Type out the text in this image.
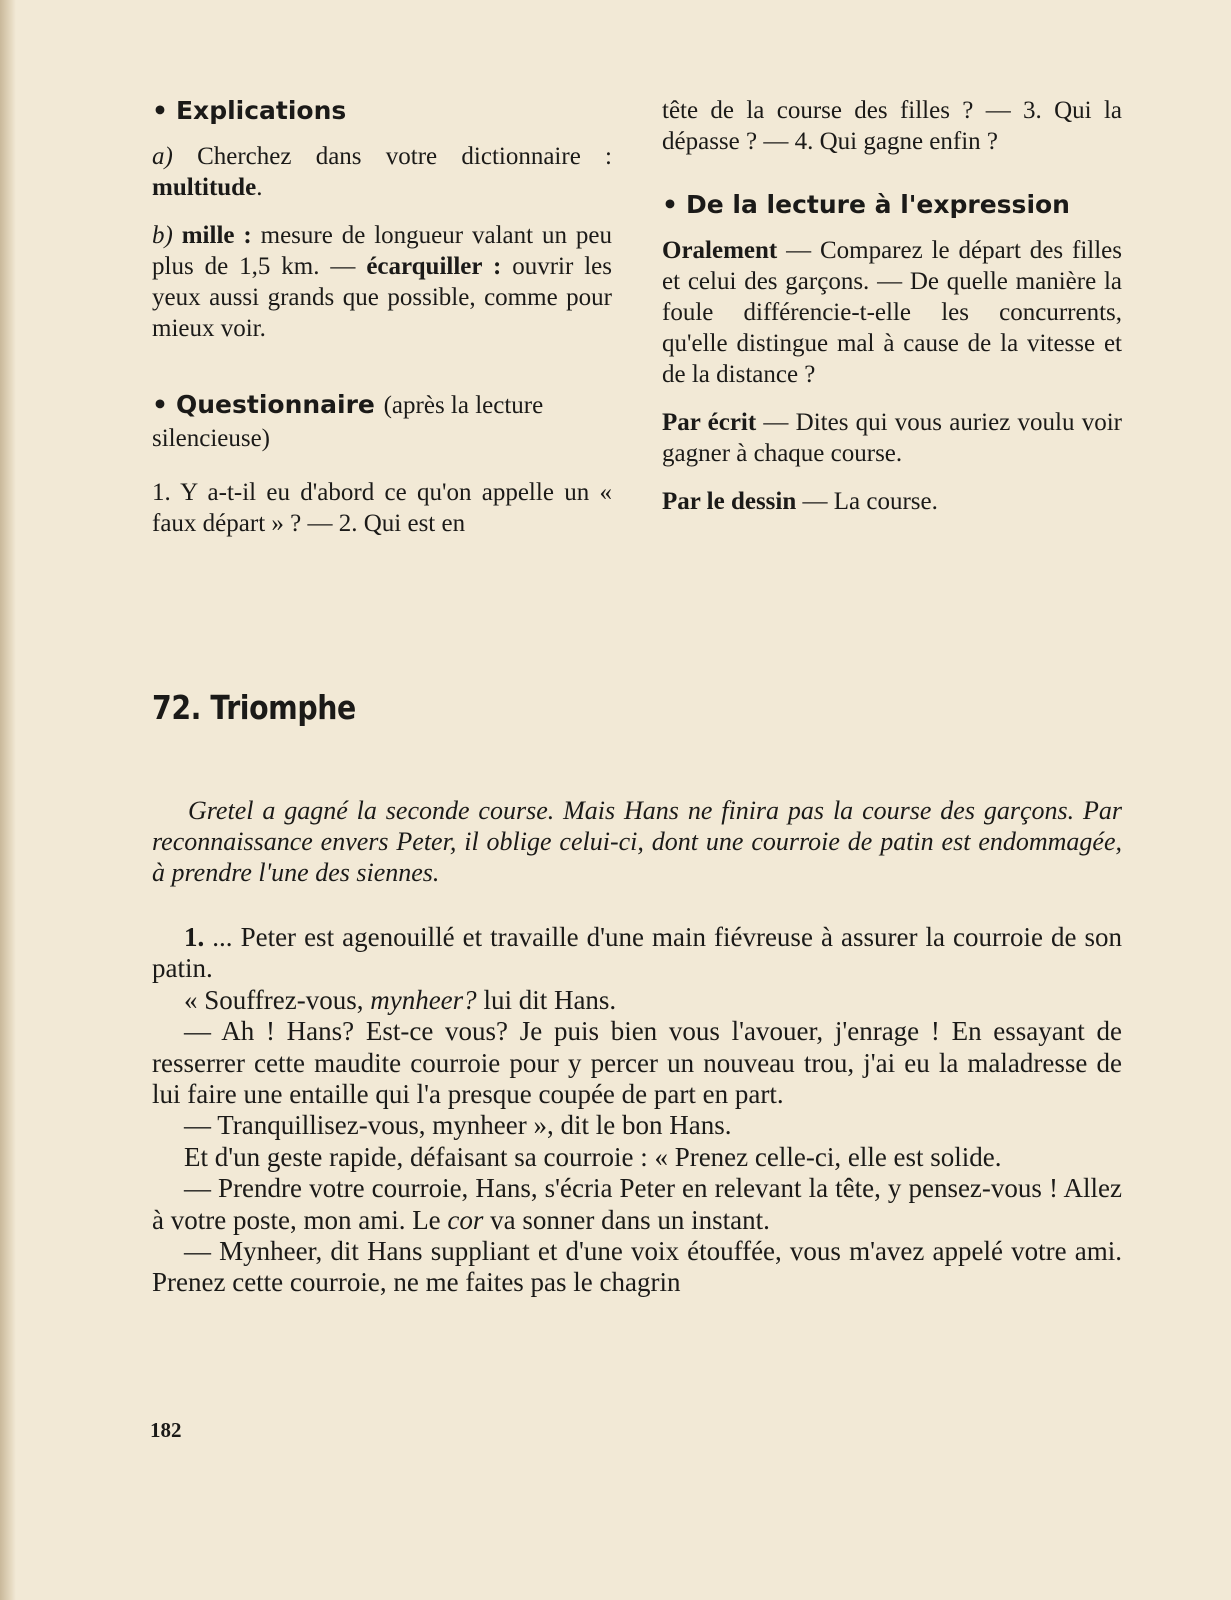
• Explications

a) Cherchez dans votre dictionnaire : multitude.

b) mille : mesure de longueur valant un peu plus de 1,5 km. — écarquiller : ouvrir les yeux aussi grands que possible, comme pour mieux voir.

• Questionnaire (après la lecture silencieuse)

1. Y a-t-il eu d'abord ce qu'on appelle un « faux départ » ? — 2. Qui est en

tête de la course des filles ? — 3. Qui la dépasse ? — 4. Qui gagne enfin ?

• De la lecture à l'expression

Oralement — Comparez le départ des filles et celui des garçons. — De quelle manière la foule différencie-t-elle les concurrents, qu'elle distingue mal à cause de la vitesse et de la distance ?

Par écrit — Dites qui vous auriez voulu voir gagner à chaque course.

Par le dessin — La course.

72. Triomphe
Gretel a gagné la seconde course. Mais Hans ne finira pas la course des garçons. Par reconnaissance envers Peter, il oblige celui-ci, dont une courroie de patin est endommagée, à prendre l'une des siennes.

1. ... Peter est agenouillé et travaille d'une main fiévreuse à assurer la courroie de son patin.

« Souffrez-vous, mynheer? lui dit Hans.

— Ah ! Hans? Est-ce vous? Je puis bien vous l'avouer, j'enrage ! En essayant de resserrer cette maudite courroie pour y percer un nouveau trou, j'ai eu la maladresse de lui faire une entaille qui l'a presque coupée de part en part.

— Tranquillisez-vous, mynheer », dit le bon Hans.

Et d'un geste rapide, défaisant sa courroie : « Prenez celle-ci, elle est solide.

— Prendre votre courroie, Hans, s'écria Peter en relevant la tête, y pensez-vous ! Allez à votre poste, mon ami. Le cor va sonner dans un instant.

— Mynheer, dit Hans suppliant et d'une voix étouffée, vous m'avez appelé votre ami. Prenez cette courroie, ne me faites pas le chagrin

182
